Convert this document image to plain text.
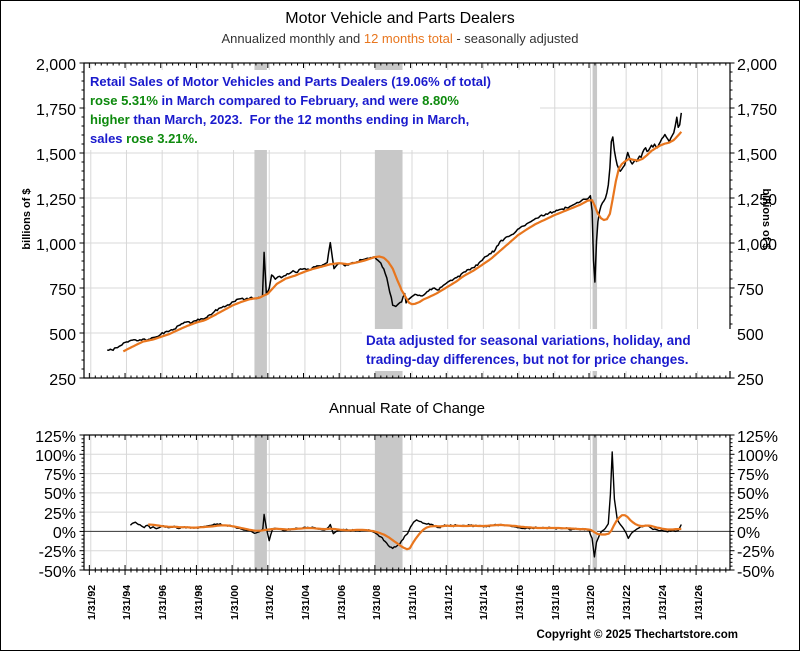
Motor Vehicle and Parts Dealers
Annualized monthly and 12 months total - seasonally adjusted
Retail Sales of Motor Vehicles and Parts Dealers (19.06% of total)
rose 5.31% in March compared to February, and were 8.80%
higher than March, 2023.  For the 12 months ending in March,
sales rose 3.21%.
Data adjusted for seasonal variations, holiday, and
trading-day differences, but not for price changes.
billions of $	billions of $
Annual Rate of Change
250	250
500	500
750	750
1,000	1,000
1,250	1,250
1,500	1,500
1,750	1,750
2,000	2,000
-50%	-50%
-25%	-25%
0%	0%
25%	25%
50%	50%
75%	75%
100%	100%
125%	125%
1/31/92 1/31/94 1/31/96 1/31/98 1/31/00 1/31/02 1/31/04 1/31/06 1/31/08 1/31/10 1/31/12 1/31/14 1/31/16 1/31/18 1/31/20 1/31/22 1/31/24 1/31/26
Copyright © 2025 Thechartstore.com
